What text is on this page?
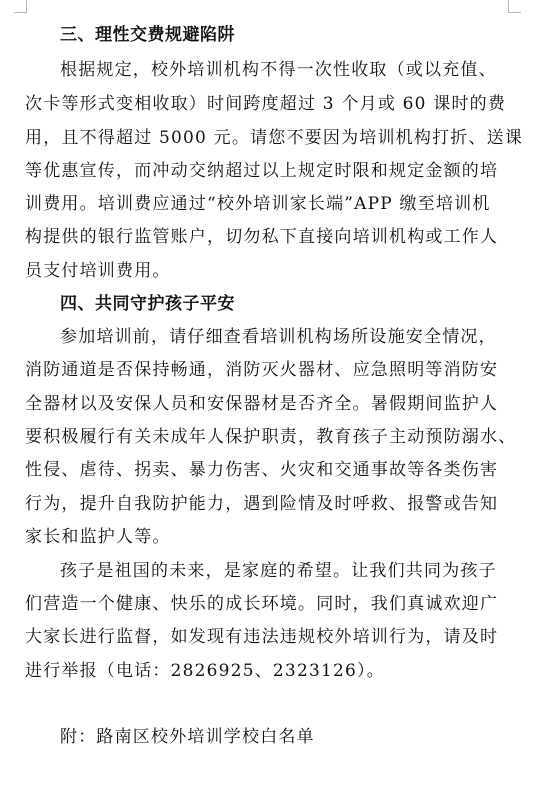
三、理性交费规避陷阱
根据规定，校外培训机构不得一次性收取（或以充值、
次卡等形式变相收取）时间跨度超过 3 个月或 60 课时的费
用，且不得超过 5000 元。请您不要因为培训机构打折、送课
等优惠宣传，而冲动交纳超过以上规定时限和规定金额的培
训费用。培训费应通过“校外培训家长端”APP 缴至培训机
构提供的银行监管账户，切勿私下直接向培训机构或工作人
员支付培训费用。
四、共同守护孩子平安
参加培训前，请仔细查看培训机构场所设施安全情况，
消防通道是否保持畅通，消防灭火器材、应急照明等消防安
全器材以及安保人员和安保器材是否齐全。暑假期间监护人
要积极履行有关未成年人保护职责，教育孩子主动预防溺水、
性侵、虐待、拐卖、暴力伤害、火灾和交通事故等各类伤害
行为，提升自我防护能力，遇到险情及时呼救、报警或告知
家长和监护人等。
孩子是祖国的未来，是家庭的希望。让我们共同为孩子
们营造一个健康、快乐的成长环境。同时，我们真诚欢迎广
大家长进行监督，如发现有违法违规校外培训行为，请及时
进行举报（电话：2826925、2323126）。
附：路南区校外培训学校白名单
